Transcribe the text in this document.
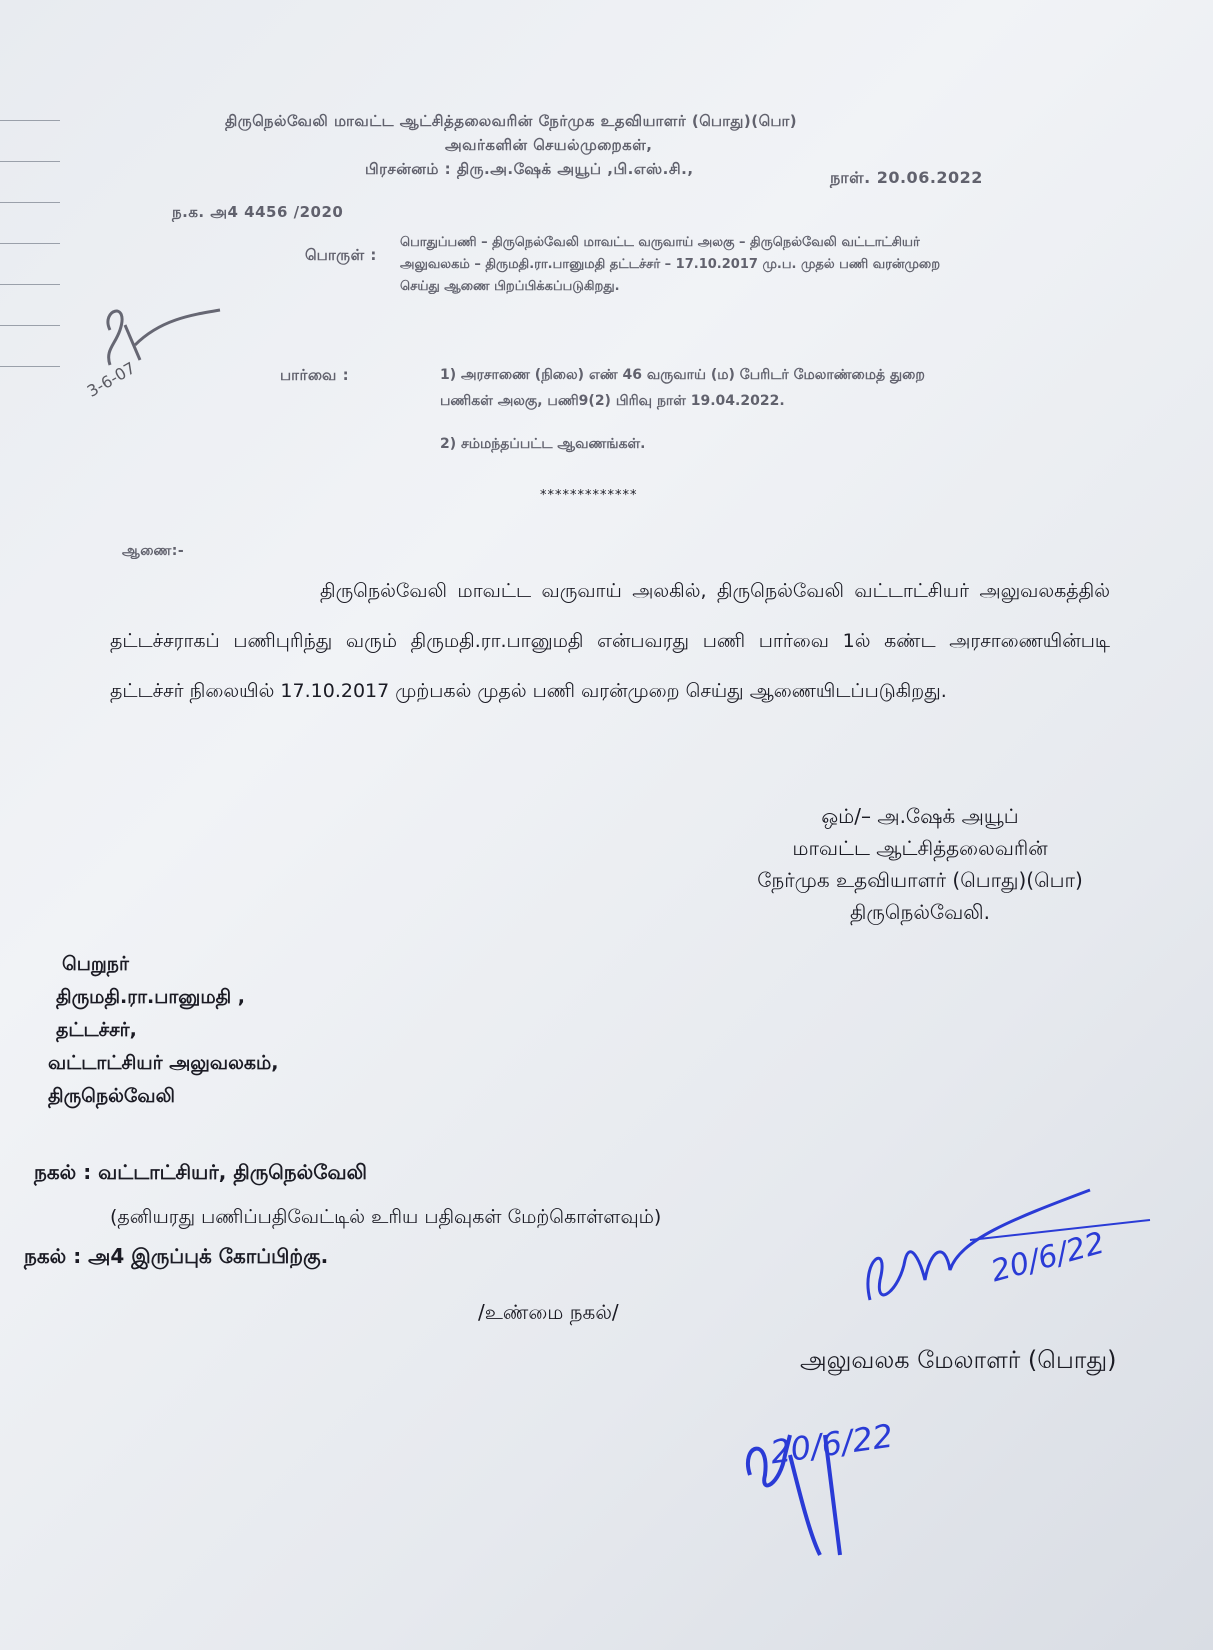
திருநெல்வேலி மாவட்ட ஆட்சித்தலைவரின் நேர்முக உதவியாளர் (பொது)(பொ)
அவர்களின் செயல்முறைகள்,
பிரசன்னம் : திரு.அ.ஷேக் அயூப் ,பி.எஸ்.சி.,	நாள். 20.06.2022
ந.க. அ4 4456 /2020
பொருள் :
பொதுப்பணி – திருநெல்வேலி மாவட்ட வருவாய் அலகு – திருநெல்வேலி வட்டாட்சியர் அலுவலகம் – திருமதி.ரா.பானுமதி தட்டச்சர் – 17.10.2017 மு.ப. முதல் பணி வரன்முறை செய்து ஆணை பிறப்பிக்கப்படுகிறது.
பார்வை :	1) அரசாணை (நிலை) எண் 46 வருவாய் (ம) பேரிடர் மேலாண்மைத் துறை பணிகள் அலகு, பணி9(2) பிரிவு நாள் 19.04.2022.
2) சம்மந்தப்பட்ட ஆவணங்கள்.
*************
ஆணை:-
திருநெல்வேலி மாவட்ட வருவாய் அலகில், திருநெல்வேலி வட்டாட்சியர் அலுவலகத்தில் தட்டச்சராகப் பணிபுரிந்து வரும் திருமதி.ரா.பானுமதி என்பவரது பணி பார்வை 1ல் கண்ட அரசாணையின்படி தட்டச்சர் நிலையில் 17.10.2017 முற்பகல் முதல் பணி வரன்முறை செய்து ஆணையிடப்படுகிறது.
ஒம்/– அ.ஷேக் அயூப்
மாவட்ட ஆட்சித்தலைவரின்
நேர்முக உதவியாளர் (பொது)(பொ)
திருநெல்வேலி.
பெறுநர்
திருமதி.ரா.பானுமதி ,
தட்டச்சர்,
வட்டாட்சியர் அலுவலகம்,
திருநெல்வேலி
நகல் : வட்டாட்சியர், திருநெல்வேலி
(தனியரது பணிப்பதிவேட்டில் உரிய பதிவுகள் மேற்கொள்ளவும்)
நகல் : அ4 இருப்புக் கோப்பிற்கு.
/உண்மை நகல்/
அலுவலக மேலாளர் (பொது)
3-6-07
20/6/22
20/6/22
